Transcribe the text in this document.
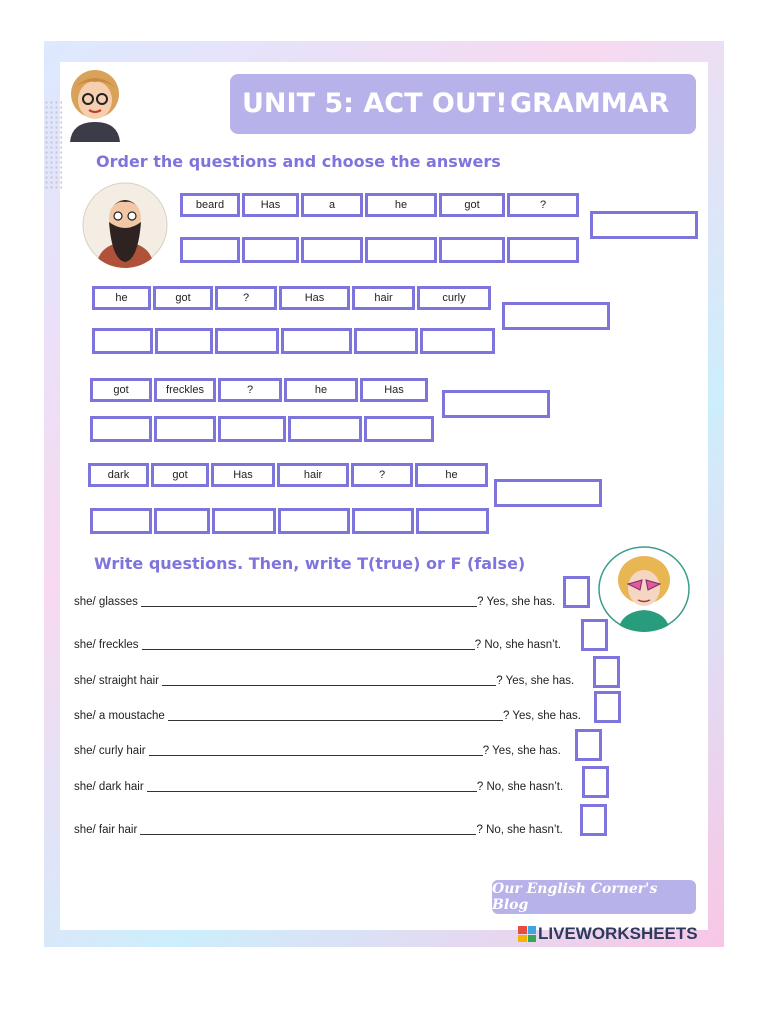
UNIT 5: ACT OUT! GRAMMAR 1
Order the questions and choose the answers
beard	Has	a	he	got	?
he	got	?	Has	hair	curly
got	freckles	?	he	Has
dark	got	Has	hair	?	he
Write questions. Then, write T(true) or F (false)
she/ glasses	? Yes, she has.
she/ freckles	? No, she hasn’t.
she/ straight hair	? Yes, she has.
she/ a moustache	? Yes, she has.
she/ curly hair	? Yes, she has.
she/ dark hair	? No, she hasn’t.
she/ fair hair	? No, she hasn’t.
Our English Corner's Blog
LIVEWORKSHEETS
